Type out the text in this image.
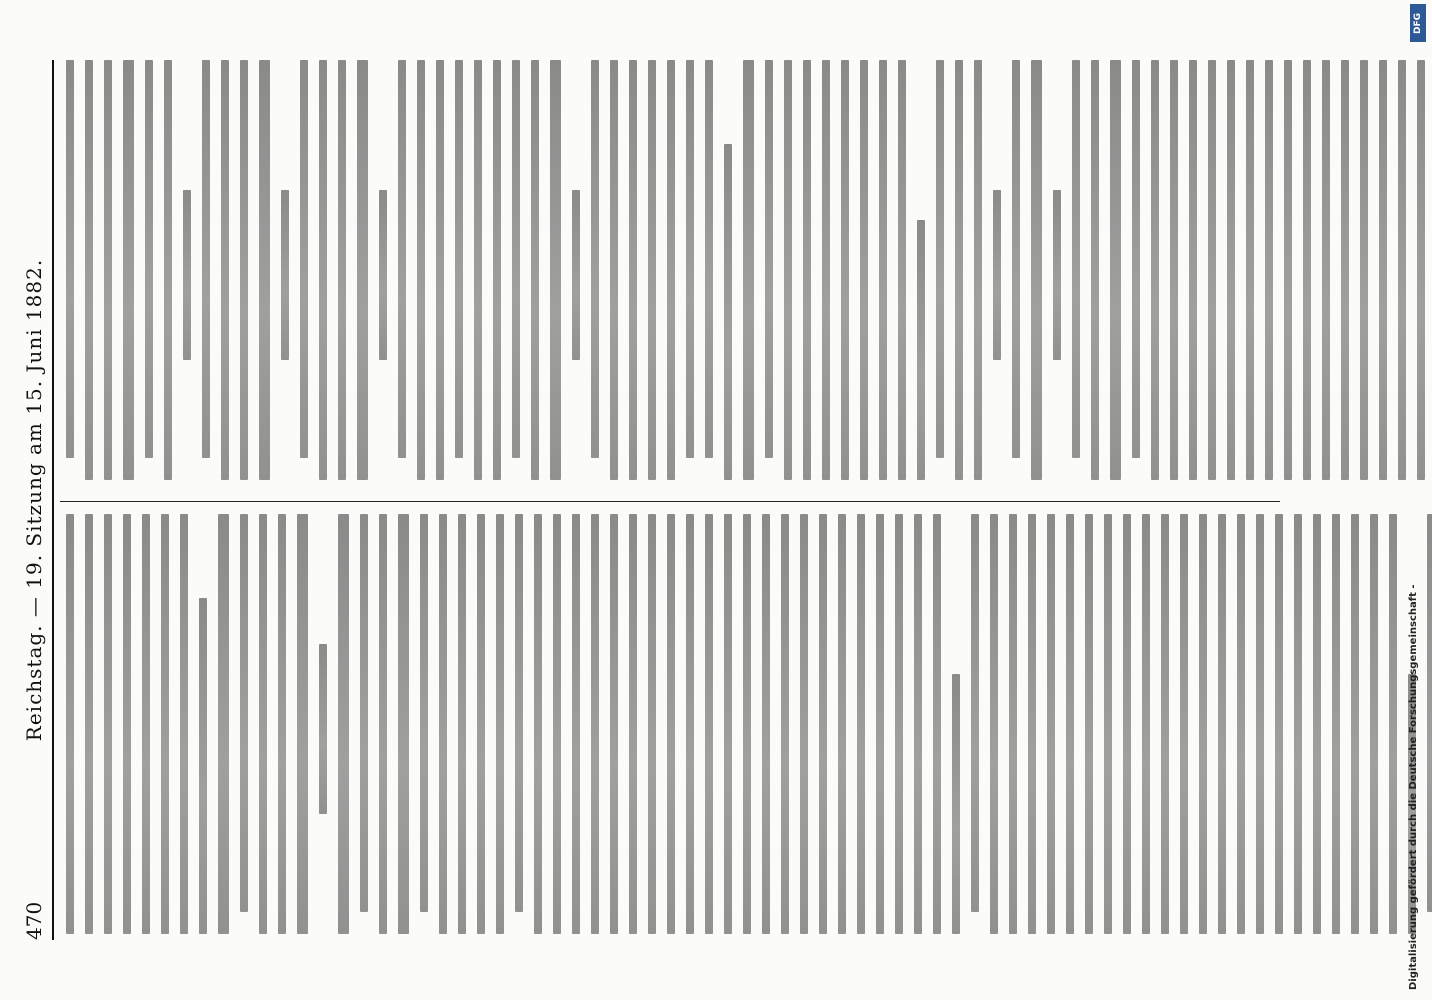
470
Reichstag. — 19. Sitzung am 15. Juni 1882.
Digitalisierung gefördert durch die Deutsche Forschungsgemeinschaft -
DFG
